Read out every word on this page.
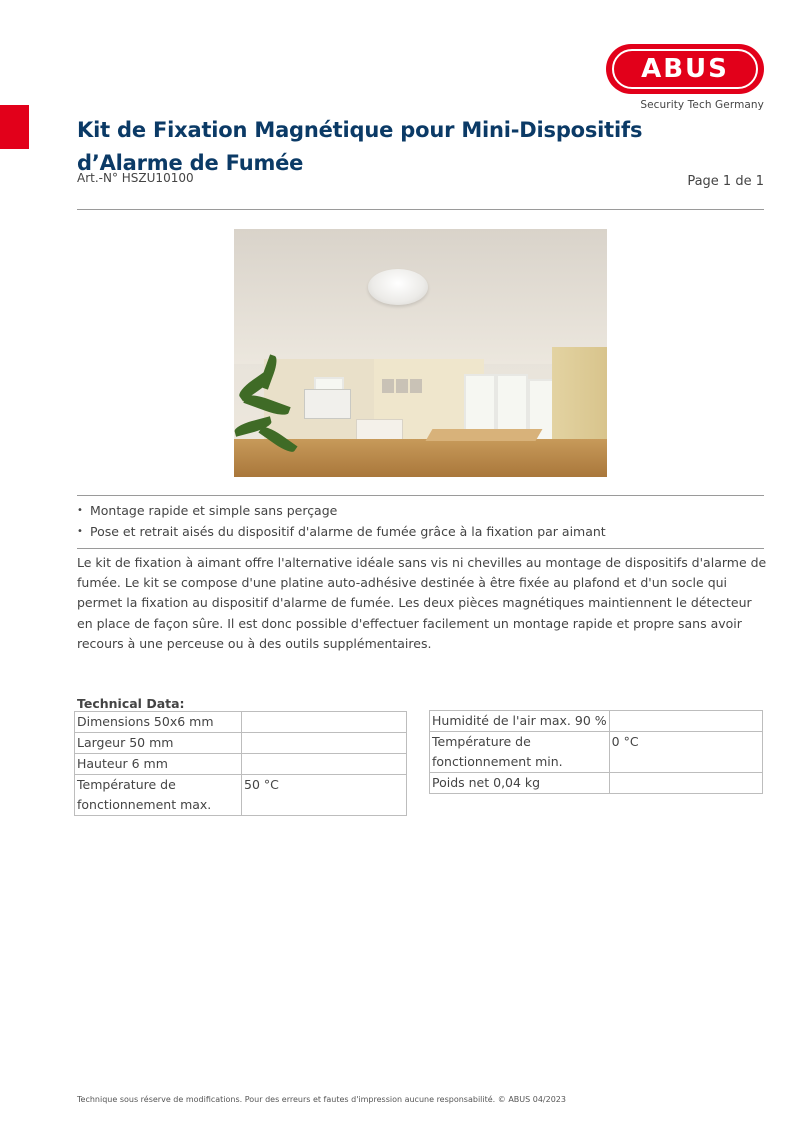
ABUS
Security Tech Germany
Kit de Fixation Magnétique pour Mini-Dispositifs d’Alarme de Fumée
Art.-N° HSZU10100	Page 1 de 1
• Montage rapide et simple sans perçage
• Pose et retrait aisés du dispositif d'alarme de fumée grâce à la fixation par aimant

Le kit de fixation à aimant offre l'alternative idéale sans vis ni chevilles au montage de dispositifs d'alarme de fumée. Le kit se compose d'une platine auto-adhésive destinée à être fixée au plafond et d'un socle qui permet la fixation au dispositif d'alarme de fumée. Les deux pièces magnétiques maintiennent le détecteur en place de façon sûre. Il est donc possible d'effectuer facilement un montage rapide et propre sans avoir recours à une perceuse ou à des outils supplémentaires.

Technical Data:
Dimensions 50x6 mm	
Largeur 50 mm	
Hauteur 6 mm	
Température de fonctionnement max.	50 °C
Humidité de l'air max. 90 %	
Température de fonctionnement min.	0 °C
Poids net 0,04 kg	
Technique sous réserve de modifications. Pour des erreurs et fautes d'impression aucune responsabilité. © ABUS 04/2023
